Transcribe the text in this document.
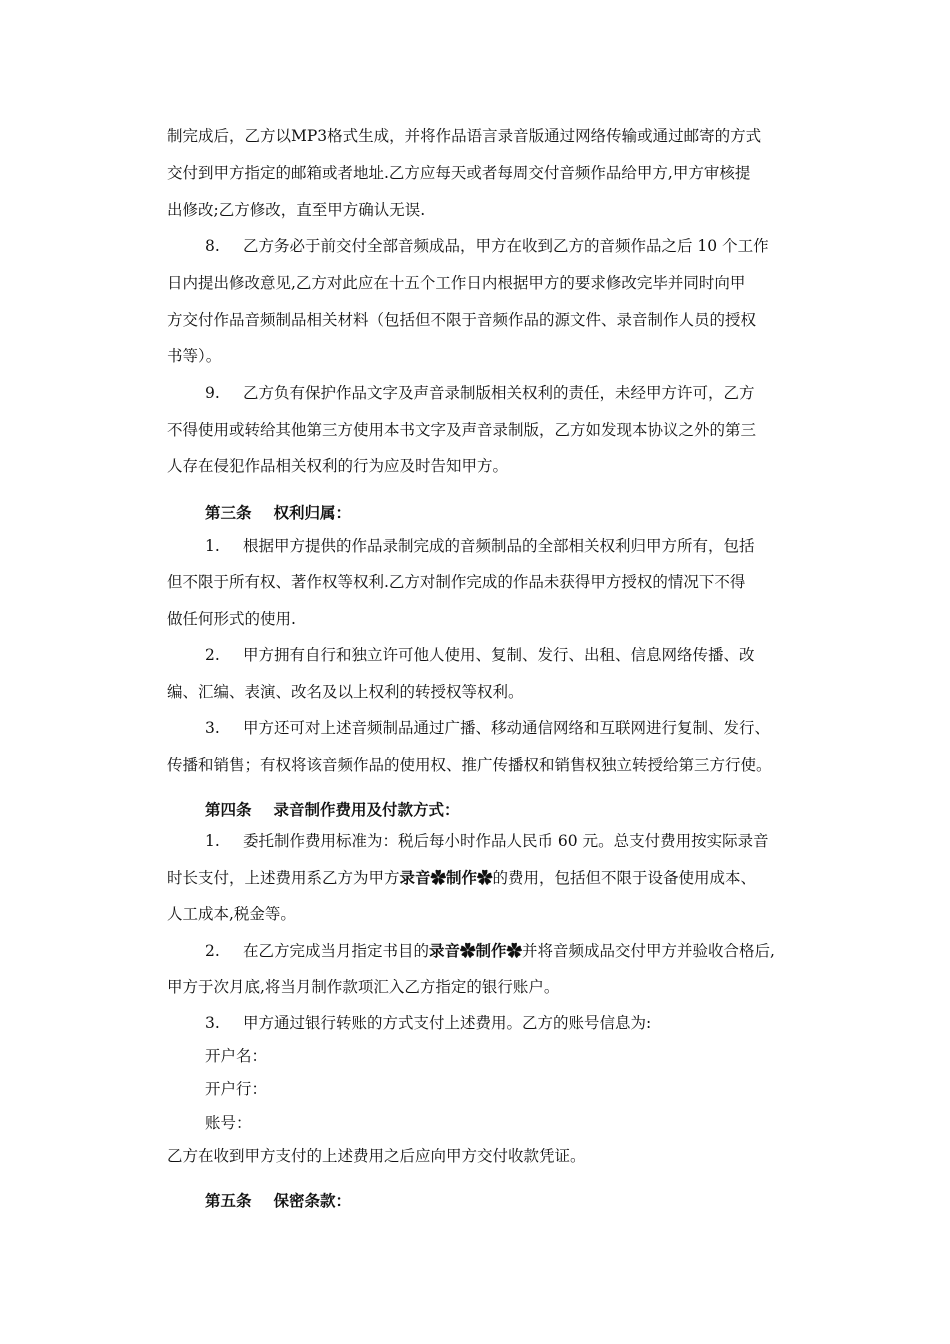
制完成后，乙方以MP3格式生成，并将作品语言录音版通过网络传输或通过邮寄的方式
交付到甲方指定的邮箱或者地址.乙方应每天或者每周交付音频作品给甲方,甲方审核提
出修改;乙方修改，直至甲方确认无误.
8. 乙方务必于前交付全部音频成品，甲方在收到乙方的音频作品之后 10 个工作
日内提出修改意见,乙方对此应在十五个工作日内根据甲方的要求修改完毕并同时向甲
方交付作品音频制品相关材料（包括但不限于音频作品的源文件、录音制作人员的授权
书等）。
9. 乙方负有保护作品文字及声音录制版相关权利的责任，未经甲方许可，乙方
不得使用或转给其他第三方使用本书文字及声音录制版，乙方如发现本协议之外的第三
人存在侵犯作品相关权利的行为应及时告知甲方。
第三条 权利归属：
1. 根据甲方提供的作品录制完成的音频制品的全部相关权利归甲方所有，包括
但不限于所有权、著作权等权利.乙方对制作完成的作品未获得甲方授权的情况下不得
做任何形式的使用.
2. 甲方拥有自行和独立许可他人使用、复制、发行、出租、信息网络传播、改
编、汇编、表演、改名及以上权利的转授权等权利。
3. 甲方还可对上述音频制品通过广播、移动通信网络和互联网进行复制、发行、
传播和销售；有权将该音频作品的使用权、推广传播权和销售权独立转授给第三方行使。
第四条 录音制作费用及付款方式：
1. 委托制作费用标准为：税后每小时作品人民币 60 元。总支付费用按实际录音
时长支付，上述费用系乙方为甲方录音✿制作✿的费用，包括但不限于设备使用成本、
人工成本,税金等。
2. 在乙方完成当月指定书目的录音✿制作✿并将音频成品交付甲方并验收合格后,
甲方于次月底,将当月制作款项汇入乙方指定的银行账户。
3. 甲方通过银行转账的方式支付上述费用。乙方的账号信息为:
开户名：
开户行：
账号：
乙方在收到甲方支付的上述费用之后应向甲方交付收款凭证。
第五条 保密条款：
